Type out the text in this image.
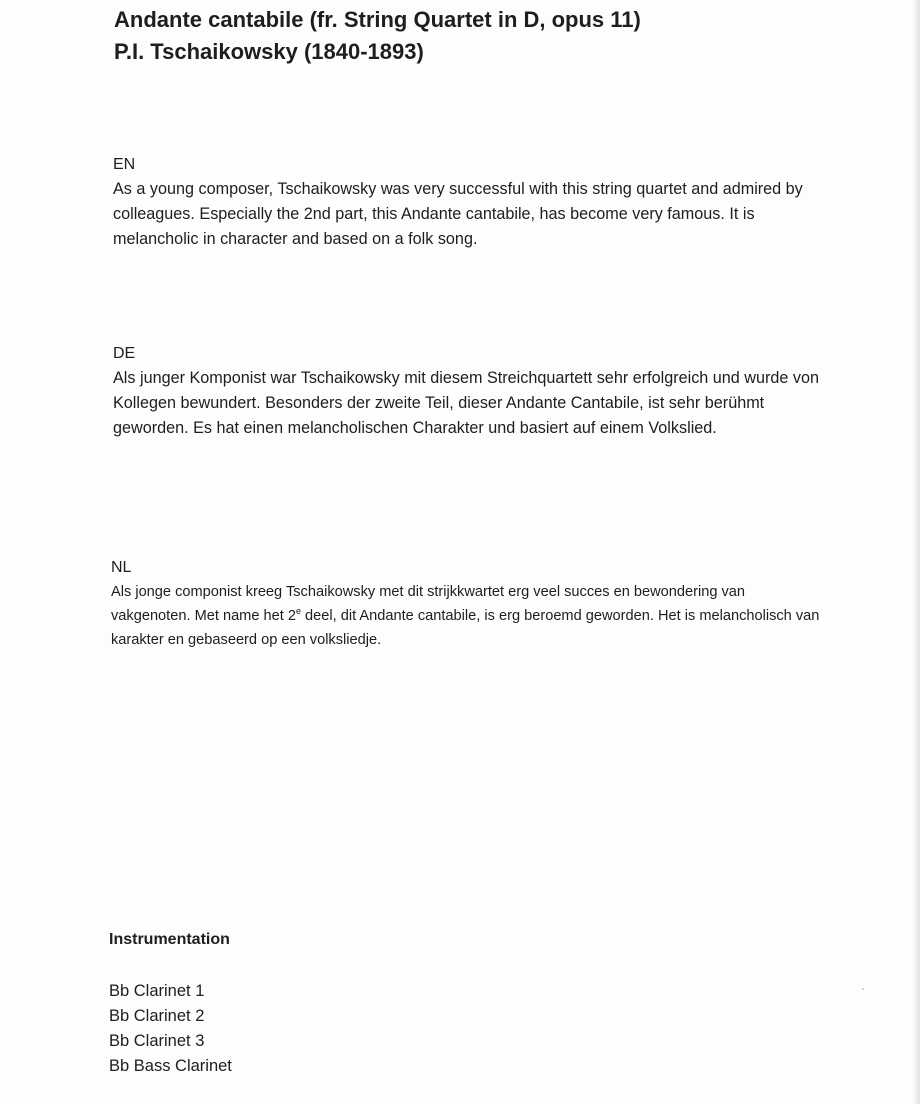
Andante cantabile (fr. String Quartet in D, opus 11)
P.I. Tschaikowsky (1840-1893)
EN
As a young composer, Tschaikowsky was very successful with this string quartet and admired by colleagues. Especially the 2nd part, this Andante cantabile, has become very famous. It is melancholic in character and based on a folk song.
DE
Als junger Komponist war Tschaikowsky mit diesem Streichquartett sehr erfolgreich und wurde von Kollegen bewundert. Besonders der zweite Teil, dieser Andante Cantabile, ist sehr berühmt geworden. Es hat einen melancholischen Charakter und basiert auf einem Volkslied.
NL
Als jonge componist kreeg Tschaikowsky met dit strijkkwartet erg veel succes en bewondering van vakgenoten. Met name het 2e deel, dit Andante cantabile, is erg beroemd geworden. Het is melancholisch van karakter en gebaseerd op een volksliedje.
Instrumentation
Bb Clarinet 1
Bb Clarinet 2
Bb Clarinet 3
Bb Bass Clarinet
